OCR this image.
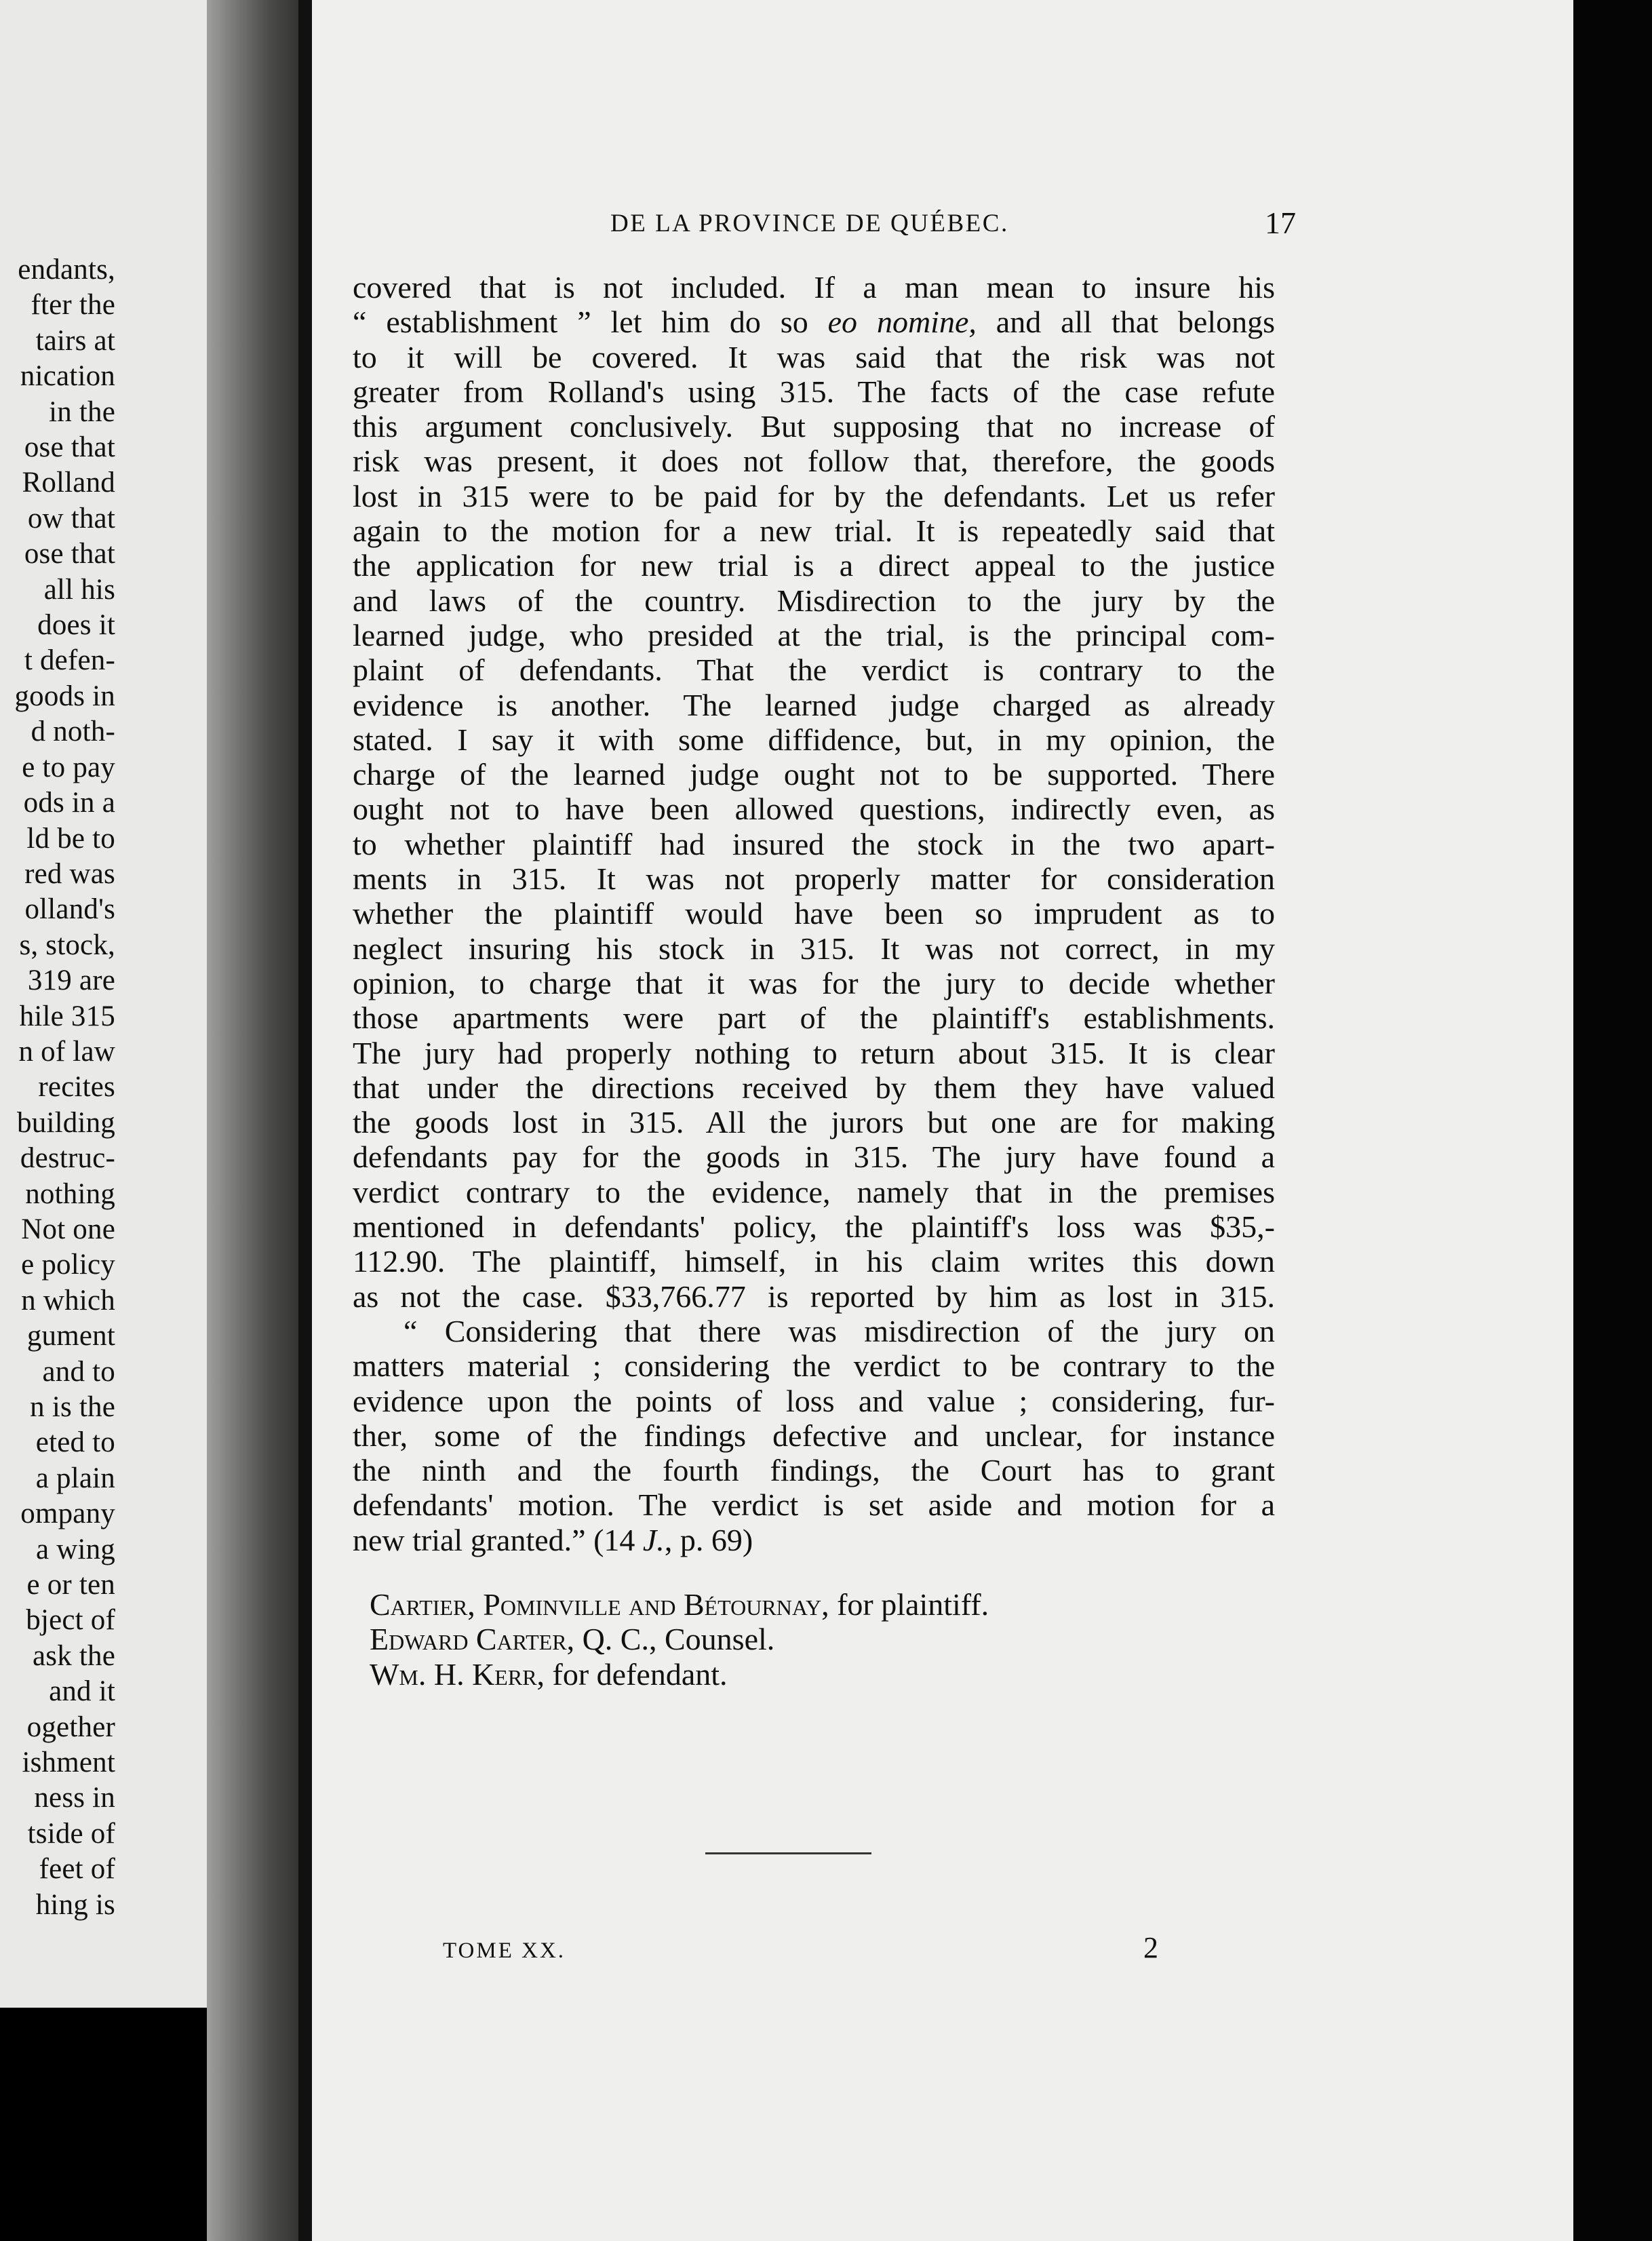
endants,
fter the
tairs at
nication
in the
ose that
Rolland
ow that
ose that
all his
does it
t defen-
goods in
d noth-
e to pay
ods in a
ld be to
red was
olland's
s, stock,
319 are
hile 315
n of law
recites
building
destruc-
nothing
Not one
e policy
n which
gument
and to
n is the
eted to
a plain
ompany
a wing
e or ten
bject of
ask the
and it
ogether
ishment
ness in
tside of
feet of
hing is
DE LA PROVINCE DE QUÉBEC.	17
covered that is not included. If a man mean to insure his
“ establishment ” let him do so eo nomine, and all that belongs
to it will be covered. It was said that the risk was not
greater from Rolland's using 315. The facts of the case refute
this argument conclusively. But supposing that no increase of
risk was present, it does not follow that, therefore, the goods
lost in 315 were to be paid for by the defendants. Let us refer
again to the motion for a new trial. It is repeatedly said that
the application for new trial is a direct appeal to the justice
and laws of the country. Misdirection to the jury by the
learned judge, who presided at the trial, is the principal com-
plaint of defendants. That the verdict is contrary to the
evidence is another. The learned judge charged as already
stated. I say it with some diffidence, but, in my opinion, the
charge of the learned judge ought not to be supported. There
ought not to have been allowed questions, indirectly even, as
to whether plaintiff had insured the stock in the two apart-
ments in 315. It was not properly matter for consideration
whether the plaintiff would have been so imprudent as to
neglect insuring his stock in 315. It was not correct, in my
opinion, to charge that it was for the jury to decide whether
those apartments were part of the plaintiff's establishments.
The jury had properly nothing to return about 315. It is clear
that under the directions received by them they have valued
the goods lost in 315. All the jurors but one are for making
defendants pay for the goods in 315. The jury have found a
verdict contrary to the evidence, namely that in the premises
mentioned in defendants' policy, the plaintiff's loss was $35,-
112.90. The plaintiff, himself, in his claim writes this down
as not the case. $33,766.77 is reported by him as lost in 315.
“ Considering that there was misdirection of the jury on
matters material ; considering the verdict to be contrary to the
evidence upon the points of loss and value ; considering, fur-
ther, some of the findings defective and unclear, for instance
the ninth and the fourth findings, the Court has to grant
defendants' motion. The verdict is set aside and motion for a
new trial granted.” (14 J., p. 69)
Cartier, Pominville and Bétournay, for plaintiff.
Edward Carter, Q. C., Counsel.
Wm. H. Kerr, for defendant.
TOME XX.	2
